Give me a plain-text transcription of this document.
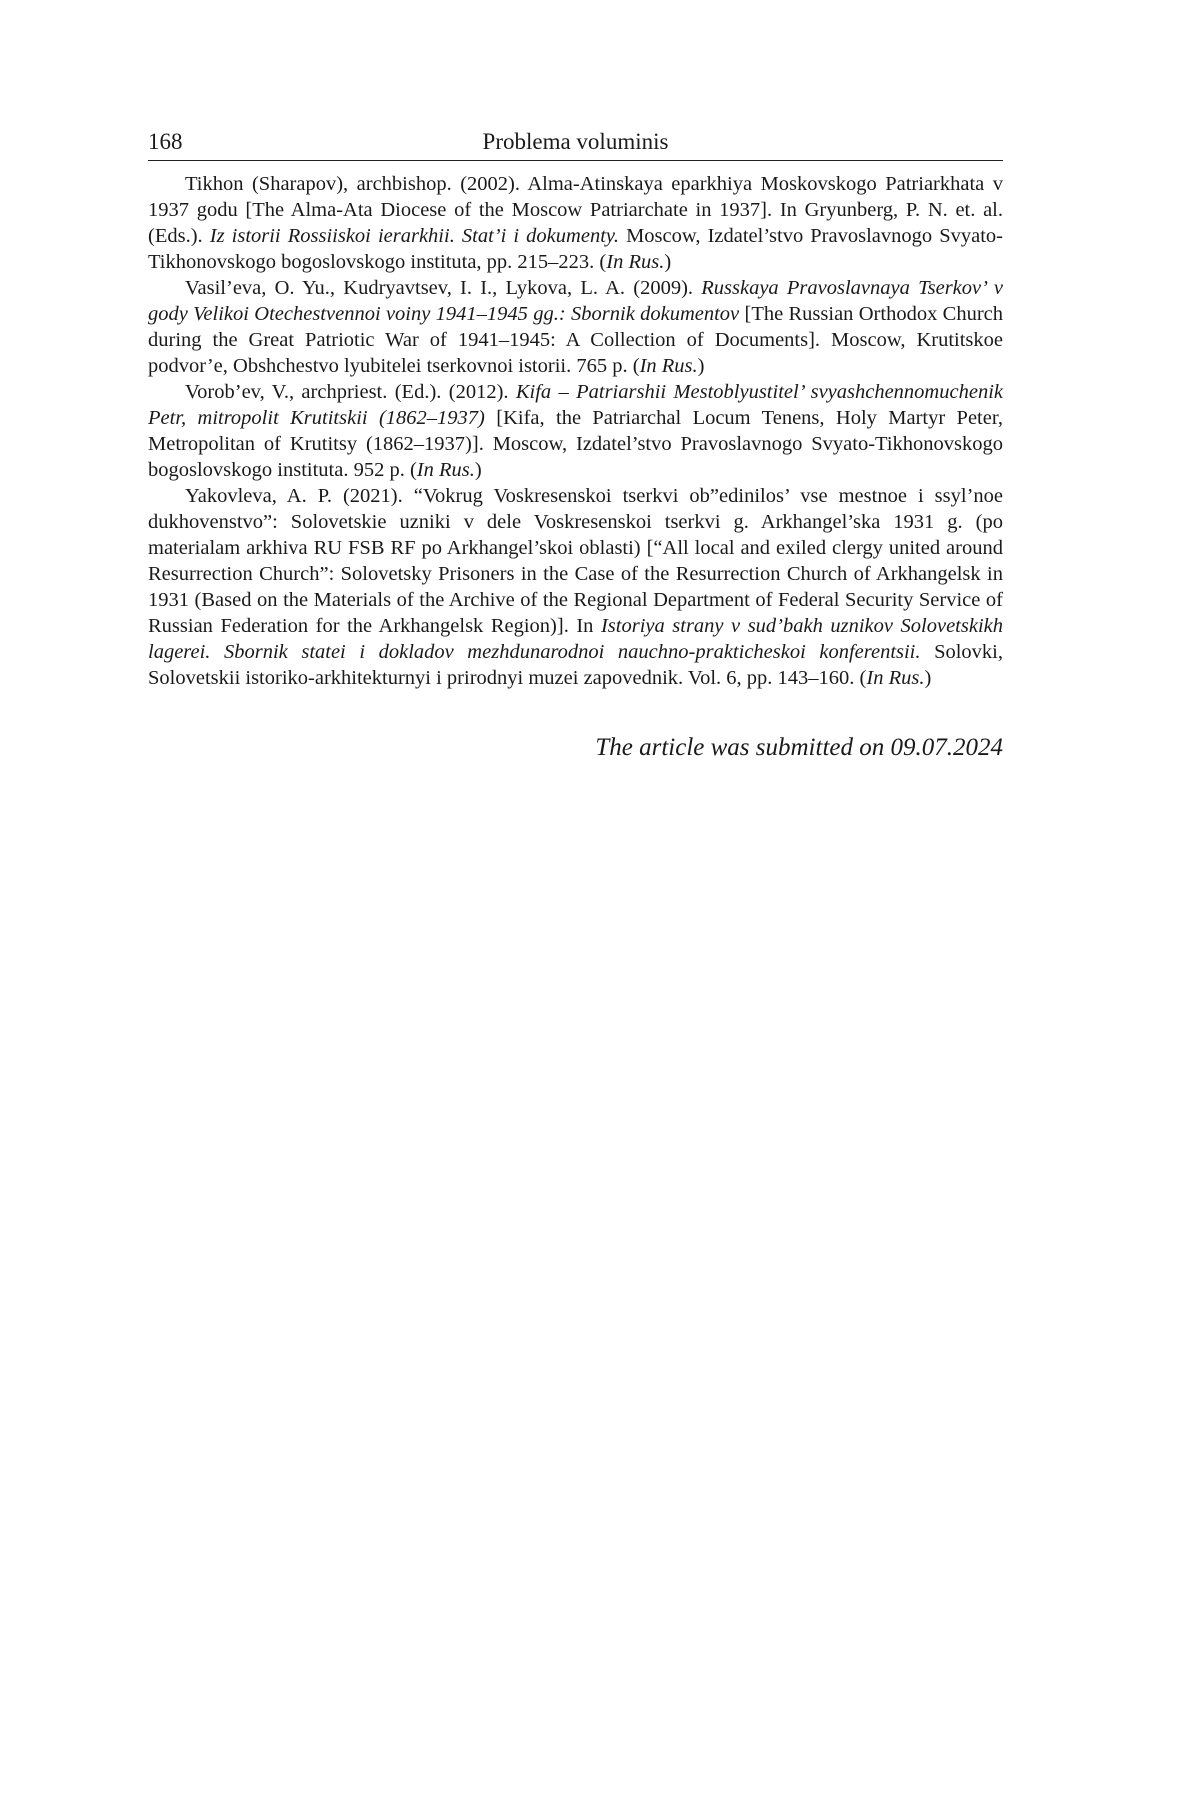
168	Problema voluminis

Tikhon (Sharapov), archbishop. (2002). Alma-Atinskaya eparkhiya Moskovskogo Patriarkhata v 1937 godu [The Alma-Ata Diocese of the Moscow Patriarchate in 1937]. In Gryunberg, P. N. et. al. (Eds.). Iz istorii Rossiiskoi ierarkhii. Stat’i i dokumenty. Moscow, Izdatel’stvo Pravoslavnogo Svyato-Tikhonovskogo bogoslovskogo instituta, pp. 215–223. (In Rus.)

Vasil’eva, O. Yu., Kudryavtsev, I. I., Lykova, L. A. (2009). Russkaya Pravoslavnaya Tserkov’ v gody Velikoi Otechestvennoi voiny 1941–1945 gg.: Sbornik dokumentov [The Russian Orthodox Church during the Great Patriotic War of 1941–1945: A Collection of Documents]. Moscow, Krutitskoe podvor’e, Obshchestvo lyubitelei tserkovnoi istorii. 765 p. (In Rus.)

Vorob’ev, V., archpriest. (Ed.). (2012). Kifa – Patriarshii Mestoblyustitel’ svyashchennomuchenik Petr, mitropolit Krutitskii (1862–1937) [Kifa, the Patriarchal Locum Tenens, Holy Martyr Peter, Metropolitan of Krutitsy (1862–1937)]. Moscow, Izdatel’stvo Pravoslavnogo Svyato-Tikhonovskogo bogoslovskogo instituta. 952 p. (In Rus.)

Yakovleva, A. P. (2021). “Vokrug Voskresenskoi tserkvi ob”edinilos’ vse mestnoe i ssyl’noe dukhovenstvo”: Solovetskie uzniki v dele Voskresenskoi tserkvi g. Arkhangel’ska 1931 g. (po materialam arkhiva RU FSB RF po Arkhangel’skoi oblasti) [“All local and exiled clergy united around Resurrection Church”: Solovetsky Prisoners in the Case of the Resurrection Church of Arkhangelsk in 1931 (Based on the Materials of the Archive of the Regional Department of Federal Security Service of Russian Federation for the Arkhangelsk Region)]. In Istoriya strany v sud’bakh uznikov Solovetskikh lagerei. Sbornik statei i dokladov mezhdunarodnoi nauchno-prakticheskoi konferentsii. Solovki, Solovetskii istoriko-arkhitekturnyi i prirodnyi muzei zapovednik. Vol. 6, pp. 143–160. (In Rus.)

The article was submitted on 09.07.2024
